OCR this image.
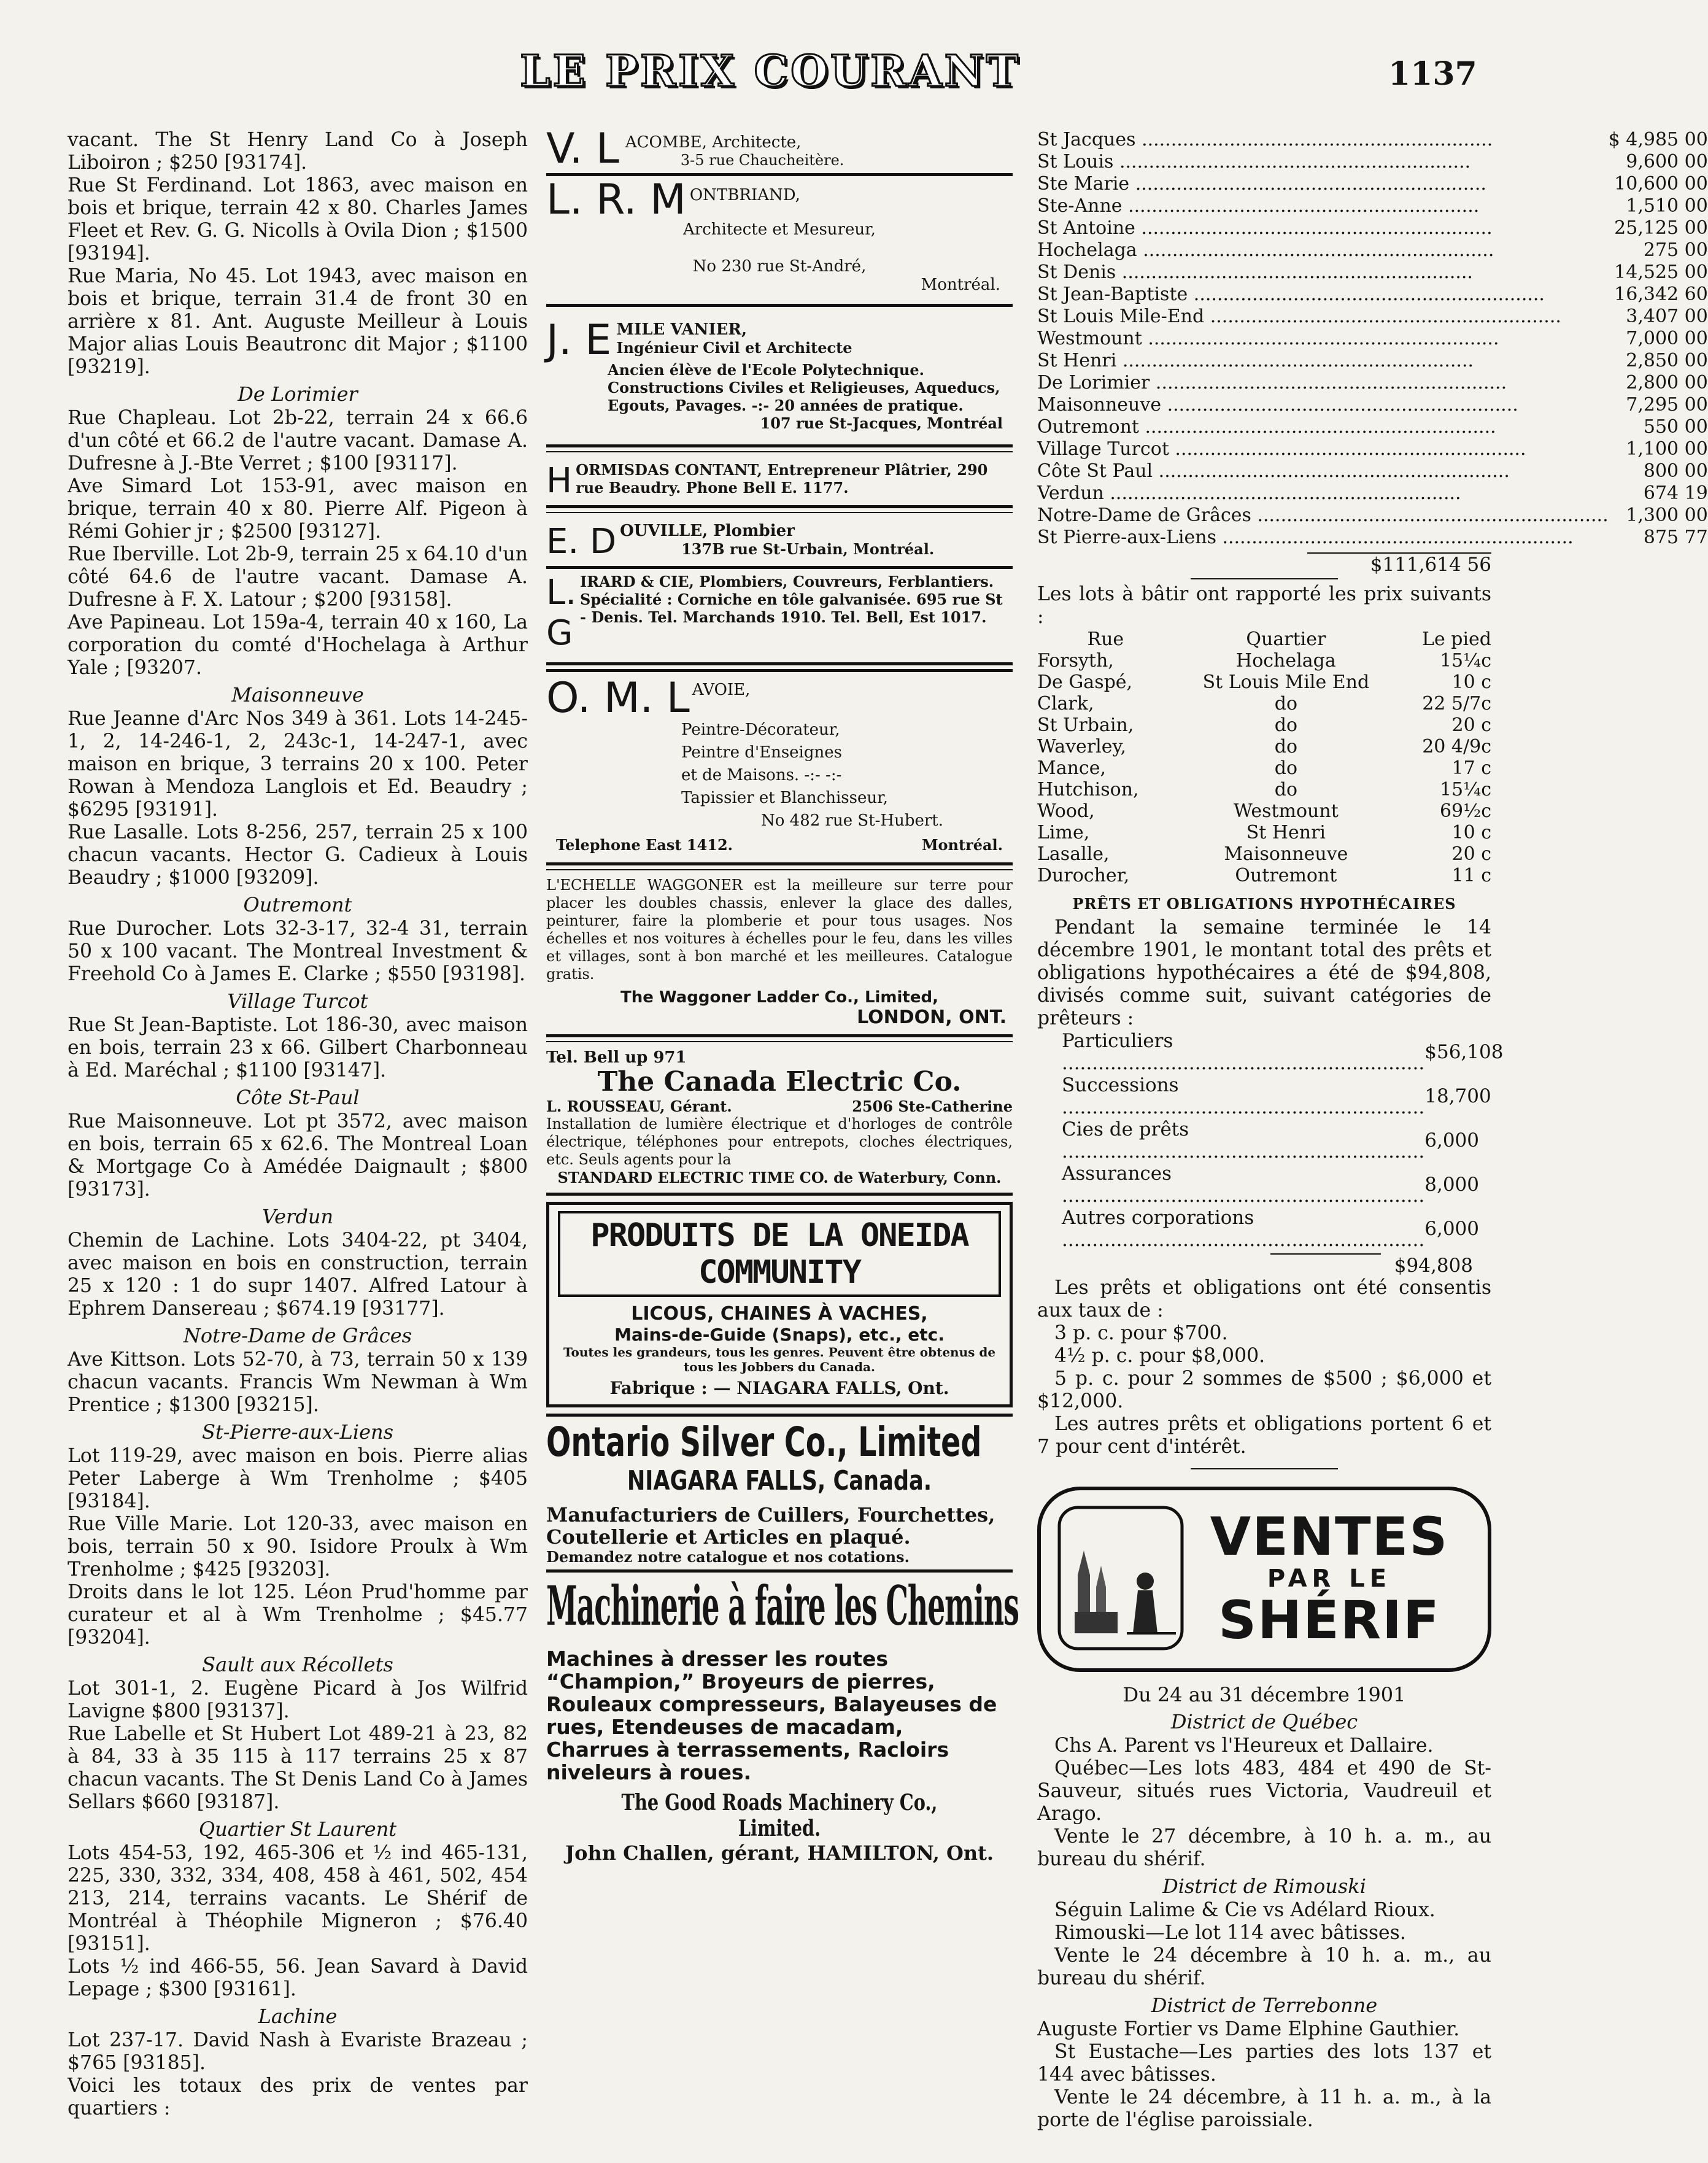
LE PRIX COURANT	1137

vacant. The St Henry Land Co à Joseph Liboiron ; $250 [93174].

Rue St Ferdinand. Lot 1863, avec maison en bois et brique, terrain 42 x 80. Charles James Fleet et Rev. G. G. Nicolls à Ovila Dion ; $1500 [93194].

Rue Maria, No 45. Lot 1943, avec maison en bois et brique, terrain 31.4 de front 30 en arrière x 81. Ant. Auguste Meilleur à Louis Major alias Louis Beautronc dit Major ; $1100 [93219].

De Lorimier

Rue Chapleau. Lot 2b-22, terrain 24 x 66.6 d'un côté et 66.2 de l'autre vacant. Damase A. Dufresne à J.-Bte Verret ; $100 [93117].

Ave Simard Lot 153-91, avec maison en brique, terrain 40 x 80. Pierre Alf. Pigeon à Rémi Gohier jr ; $2500 [93127].

Rue Iberville. Lot 2b-9, terrain 25 x 64.10 d'un côté 64.6 de l'autre vacant. Damase A. Dufresne à F. X. Latour ; $200 [93158].

Ave Papineau. Lot 159a-4, terrain 40 x 160, La corporation du comté d'Hochelaga à Arthur Yale ; [93207.

Maisonneuve

Rue Jeanne d'Arc Nos 349 à 361. Lots 14-245-1, 2, 14-246-1, 2, 243c-1, 14-247-1, avec maison en brique, 3 terrains 20 x 100. Peter Rowan à Mendoza Langlois et Ed. Beaudry ; $6295 [93191].

Rue Lasalle. Lots 8-256, 257, terrain 25 x 100 chacun vacants. Hector G. Cadieux à Louis Beaudry ; $1000 [93209].

Outremont

Rue Durocher. Lots 32-3-17, 32-4 31, terrain 50 x 100 vacant. The Montreal Investment & Freehold Co à James E. Clarke ; $550 [93198].

Village Turcot

Rue St Jean-Baptiste. Lot 186-30, avec maison en bois, terrain 23 x 66. Gilbert Charbonneau à Ed. Maréchal ; $1100 [93147].

Côte St-Paul

Rue Maisonneuve. Lot pt 3572, avec maison en bois, terrain 65 x 62.6. The Montreal Loan & Mortgage Co à Amédée Daignault ; $800 [93173].

Verdun

Chemin de Lachine. Lots 3404-22, pt 3404, avec maison en bois en construction, terrain 25 x 120 : 1 do supr 1407. Alfred Latour à Ephrem Dansereau ; $674.19 [93177].

Notre-Dame de Grâces

Ave Kittson. Lots 52-70, à 73, terrain 50 x 139 chacun vacants. Francis Wm Newman à Wm Prentice ; $1300 [93215].

St-Pierre-aux-Liens

Lot 119-29, avec maison en bois. Pierre alias Peter Laberge à Wm Trenholme ; $405 [93184].

Rue Ville Marie. Lot 120-33, avec maison en bois, terrain 50 x 90. Isidore Proulx à Wm Trenholme ; $425 [93203].

Droits dans le lot 125. Léon Prud'homme par curateur et al à Wm Trenholme ; $45.77 [93204].

Sault aux Récollets

Lot 301-1, 2. Eugène Picard à Jos Wilfrid Lavigne $800 [93137].

Rue Labelle et St Hubert Lot 489-21 à 23, 82 à 84, 33 à 35 115 à 117 terrains 25 x 87 chacun vacants. The St Denis Land Co à James Sellars $660 [93187].

Quartier St Laurent

Lots 454-53, 192, 465-306 et ½ ind 465-131, 225, 330, 332, 334, 408, 458 à 461, 502, 454 213, 214, terrains vacants. Le Shérif de Montréal à Théophile Migneron ; $76.40 [93151].

Lots ½ ind 466-55, 56. Jean Savard à David Lepage ; $300 [93161].

Lachine

Lot 237-17. David Nash à Evariste Brazeau ; $765 [93185].

Voici les totaux des prix de ventes par quartiers :

V. L ACOMBE, Architecte,
3-5 rue Chaucheitère.
L. R. M ONTBRIAND,
Architecte et Mesureur,
No 230 rue St-André,
Montréal.
J. E MILE VANIER,
Ingénieur Civil et Architecte
Ancien élève de l'Ecole Polytechnique. Constructions Civiles et Religieuses, Aqueducs, Egouts, Pavages. -:- 20 années de pratique.
107 rue St-Jacques, Montréal
H ORMISDAS CONTANT, Entrepreneur Plâtrier, 290 rue Beaudry. Phone Bell E. 1177.
E. D OUVILLE, Plombier
137B rue St-Urbain, Montréal.
L. G
IRARD & CIE, Plombiers, Couvreurs, Ferblantiers. Spécialité : Corniche en tôle galvanisée. 695 rue St - Denis. Tel. Marchands 1910. Tel. Bell, Est 1017.
O. M. L AVOIE,
Peintre-Décorateur,
Peintre d'Enseignes
et de Maisons. -:- -:-
Tapissier et Blanchisseur,
No 482 rue St-Hubert.
Telephone East 1412.	Montréal.

L'ECHELLE WAGGONER est la meilleure sur terre pour placer les doubles chassis, enlever la glace des dalles, peinturer, faire la plomberie et pour tous usages. Nos échelles et nos voitures à échelles pour le feu, dans les villes et villages, sont à bon marché et les meilleures. Catalogue gratis.

The Waggoner Ladder Co., Limited,
LONDON, ONT.
Tel. Bell up 971
The Canada Electric Co.
L. ROUSSEAU, Gérant.	2506 Ste-Catherine

Installation de lumière électrique et d'horloges de contrôle électrique, téléphones pour entrepots, cloches électriques, etc. Seuls agents pour la

STANDARD ELECTRIC TIME CO. de Waterbury, Conn.
PRODUITS DE LA ONEIDA COMMUNITY
LICOUS, CHAINES À VACHES,
Mains-de-Guide (Snaps), etc., etc.
Toutes les grandeurs, tous les genres. Peuvent être obtenus de tous les Jobbers du Canada.
Fabrique : — NIAGARA FALLS, Ont.
Ontario Silver Co., Limited
NIAGARA FALLS, Canada.

Manufacturiers de Cuillers, Fourchettes, Coutellerie et Articles en plaqué.

Demandez notre catalogue et nos cotations.
Machinerie à faire les Chemins

Machines à dresser les routes “Champion,” Broyeurs de pierres, Rouleaux compresseurs, Balayeuses de rues, Etendeuses de macadam, Charrues à terrassements, Racloirs niveleurs à roues.

The Good Roads Machinery Co., Limited.
John Challen, gérant, HAMILTON, Ont.
St Jacques ............................................................	$ 4,985 00
St Louis ............................................................	9,600 00
Ste Marie ............................................................	10,600 00
Ste-Anne ............................................................	1,510 00
St Antoine ............................................................	25,125 00
Hochelaga ............................................................	275 00
St Denis ............................................................	14,525 00
St Jean-Baptiste ............................................................	16,342 60
St Louis Mile-End ............................................................	3,407 00
Westmount ............................................................	7,000 00
St Henri ............................................................	2,850 00
De Lorimier ............................................................	2,800 00
Maisonneuve ............................................................	7,295 00
Outremont ............................................................	550 00
Village Turcot ............................................................	1,100 00
Côte St Paul ............................................................	800 00
Verdun ............................................................	674 19
Notre-Dame de Grâces ............................................................	1,300 00
St Pierre-aux-Liens ............................................................	875 77
$111,614 56

Les lots à bâtir ont rapporté les prix suivants :

Rue	Quartier	Le pied
Forsyth,	Hochelaga	15¼c
De Gaspé,	St Louis Mile End	10 c
Clark,	do	22 5/7c
St Urbain,	do	20 c
Waverley,	do	20 4/9c
Mance,	do	17 c
Hutchison,	do	15¼c
Wood,	Westmount	69½c
Lime,	St Henri	10 c
Lasalle,	Maisonneuve	20 c
Durocher,	Outremont	11 c

PRÊTS ET OBLIGATIONS HYPOTHÉCAIRES

Pendant la semaine terminée le 14 décembre 1901, le montant total des prêts et obligations hypothécaires a été de $94,808, divisés comme suit, suivant catégories de prêteurs :

Particuliers ............................................................	$56,108
Successions ............................................................	18,700
Cies de prêts ............................................................	6,000
Assurances ............................................................	8,000
Autres corporations ............................................................	6,000
$94,808

Les prêts et obligations ont été consentis aux taux de :

3 p. c. pour $700.

4½ p. c. pour $8,000.

5 p. c. pour 2 sommes de $500 ; $6,000 et $12,000.

Les autres prêts et obligations portent 6 et 7 pour cent d'intérêt.

VENTES
PAR LE
SHÉRIF

Du 24 au 31 décembre 1901

District de Québec

Chs A. Parent vs l'Heureux et Dallaire.

Québec—Les lots 483, 484 et 490 de St-Sauveur, situés rues Victoria, Vaudreuil et Arago.

Vente le 27 décembre, à 10 h. a. m., au bureau du shérif.

District de Rimouski

Séguin Lalime & Cie vs Adélard Rioux.

Rimouski—Le lot 114 avec bâtisses.

Vente le 24 décembre à 10 h. a. m., au bureau du shérif.

District de Terrebonne

Auguste Fortier vs Dame Elphine Gauthier.

St Eustache—Les parties des lots 137 et 144 avec bâtisses.

Vente le 24 décembre, à 11 h. a. m., à la porte de l'église paroissiale.
